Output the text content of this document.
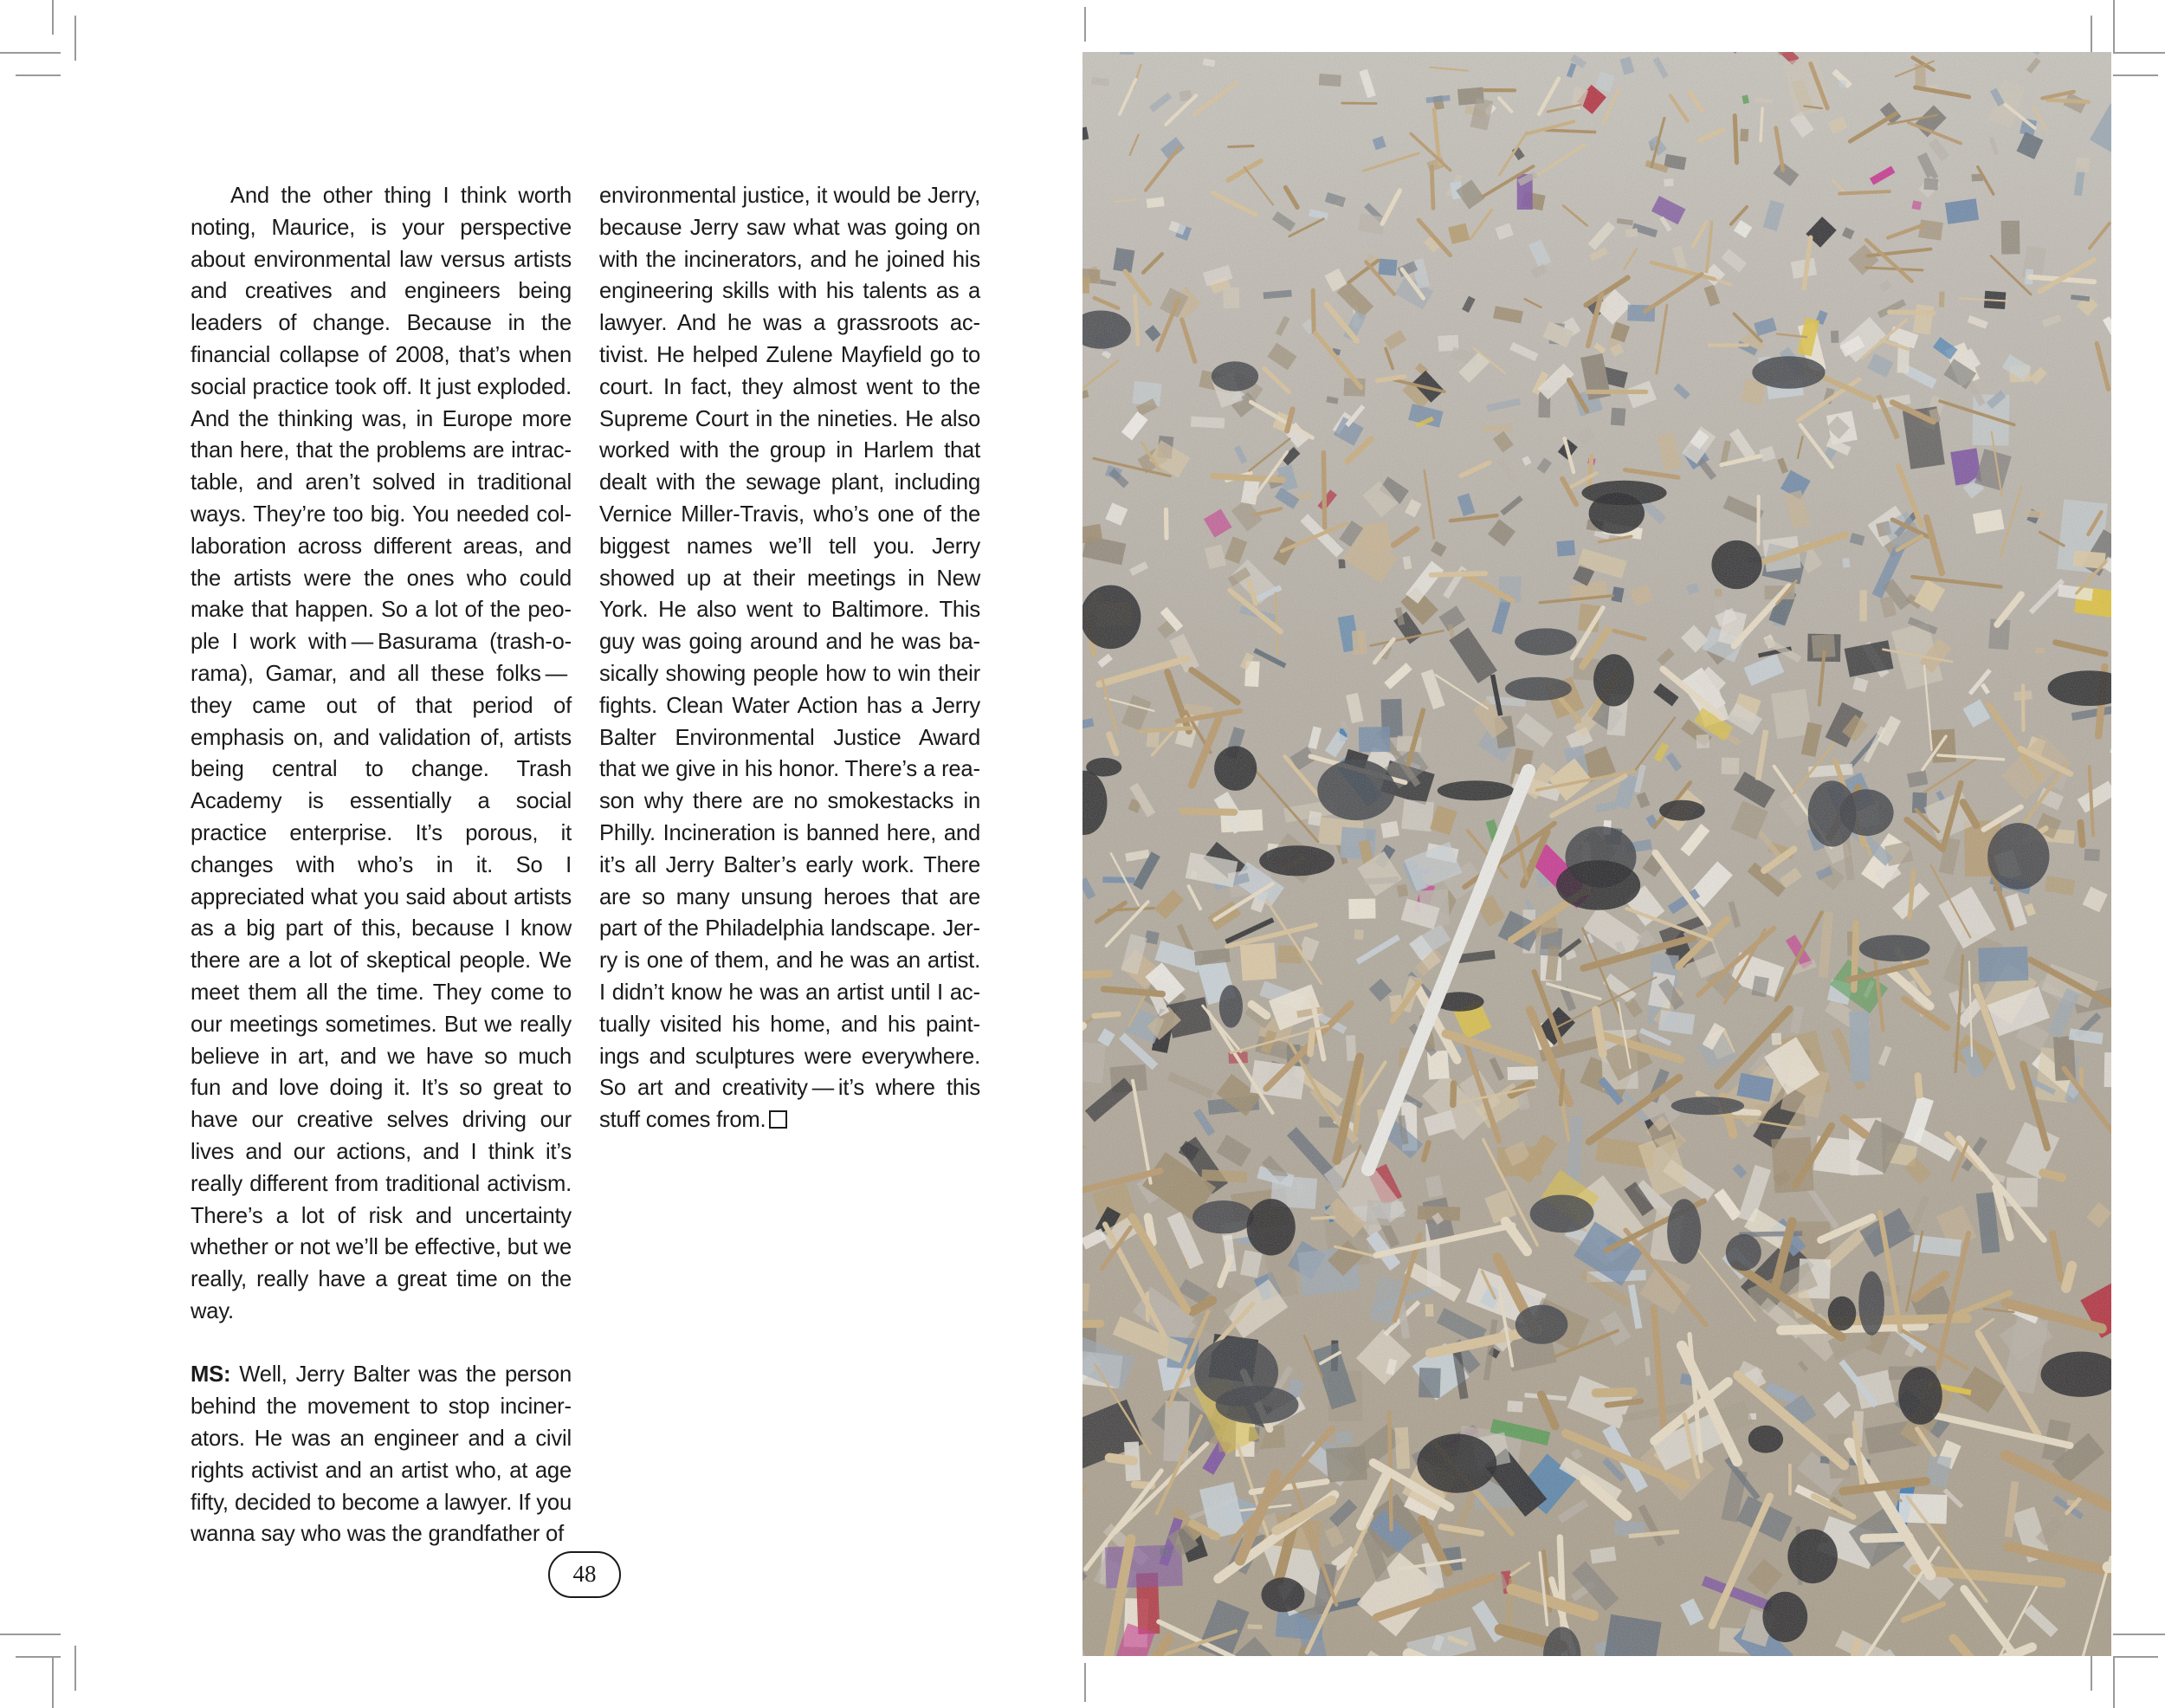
And the other thing I think worth noting, Maurice, is your perspective about environmental law versus artists and creatives and engineers being leaders of change. Because in the financial collapse of 2008, that’s when social practice took off. It just exploded. And the thinking was, in Europe more than here, that the problems are intractable, and aren’t solved in traditional ways. They’re too big. You needed collaboration across different areas, and the artists were the ones who could make that happen. So a lot of the people I work with — Basurama (trash-o-rama), Gamar, and all these folks — they came out of that period of emphasis on, and validation of, artists being central to change. Trash Academy is essentially a social practice enterprise. It’s porous, it changes with who’s in it. So I appreciated what you said about artists as a big part of this, because I know there are a lot of skeptical people. We meet them all the time. They come to our meetings sometimes. But we really believe in art, and we have so much fun and love doing it. It’s so great to have our creative selves driving our lives and our actions, and I think it’s really different from traditional activism. There’s a lot of risk and uncertainty whether or not we’ll be effective, but we really, really have a great time on the way.

MS: Well, Jerry Balter was the person behind the movement to stop incinerators. He was an engineer and a civil rights activist and an artist who, at age fifty, decided to become a lawyer. If you wanna say who was the grandfather of

environmental justice, it would be Jerry, because Jerry saw what was going on with the incinerators, and he joined his engineering skills with his talents as a lawyer. And he was a grassroots activist. He helped Zulene Mayfield go to court. In fact, they almost went to the Supreme Court in the nineties. He also worked with the group in Harlem that dealt with the sewage plant, including Vernice Miller-Travis, who’s one of the biggest names we’ll tell you. Jerry showed up at their meetings in New York. He also went to Baltimore. This guy was going around and he was basically showing people how to win their fights. Clean Water Action has a Jerry Balter Environmental Justice Award that we give in his honor. There’s a reason why there are no smokestacks in Philly. Incineration is banned here, and it’s all Jerry Balter’s early work. There are so many unsung heroes that are part of the Philadelphia landscape. Jerry is one of them, and he was an artist. I didn’t know he was an artist until I actually visited his home, and his paintings and sculptures were everywhere. So art and creativity — it’s where this stuff comes from.

48
